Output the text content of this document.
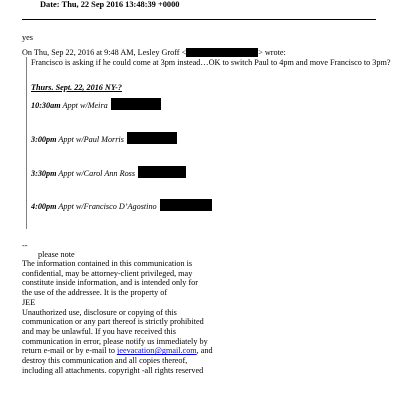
Date: Thu, 22 Sep 2016 13:48:39 +0000
yes
On Thu, Sep 22, 2016 at 9:48 AM, Lesley Groff <	> wrote:
Francisco is asking if he could come at 3pm instead…OK to switch Paul to 4pm and move Francisco to 3pm?
Thurs. Sept. 22, 2016 NY-?
10:30am Appt w/Meira
3:00pm Appt w/Paul Morris
3:30pm Appt w/Carol Ann Ross
4:00pm Appt w/Francisco D’Agostino
--
please note
The information contained in this communication is
confidential, may be attorney-client privileged, may
constitute inside information, and is intended only for
the use of the addressee. It is the property of
JEE
Unauthorized use, disclosure or copying of this
communication or any part thereof is strictly prohibited
and may be unlawful. If you have received this
communication in error, please notify us immediately by
return e-mail or by e-mail to jeevacation@gmail.com, and
destroy this communication and all copies thereof,
including all attachments. copyright -all rights reserved
